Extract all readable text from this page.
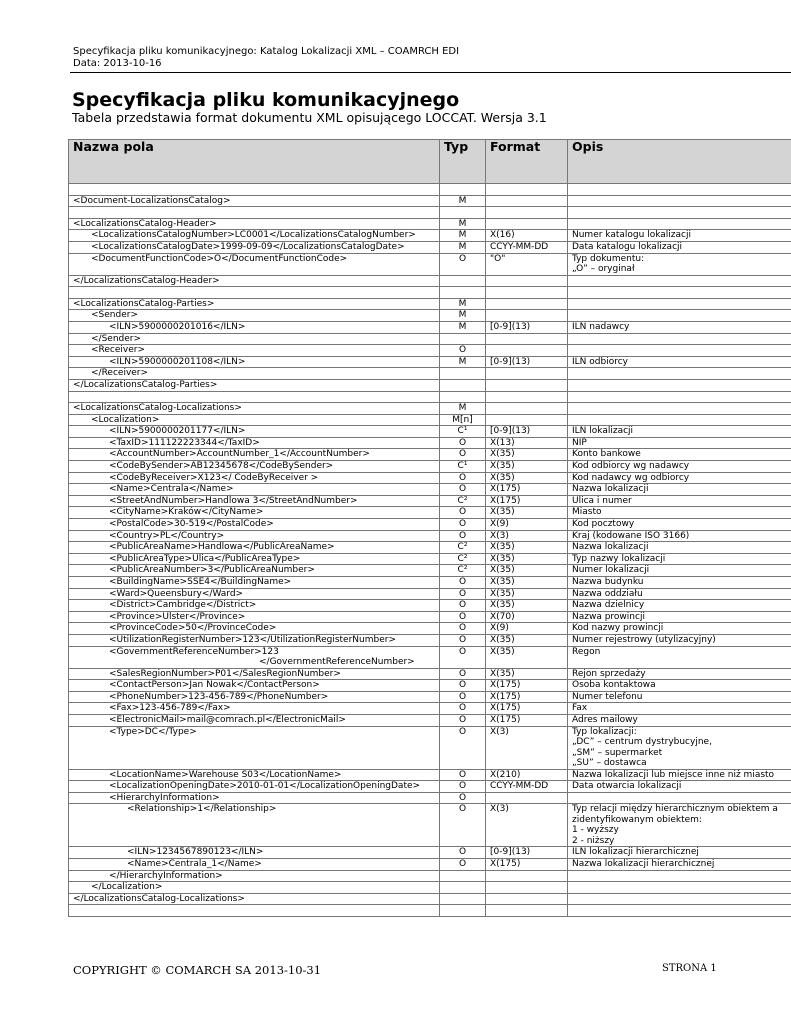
Specyfikacja pliku komunikacyjnego: Katalog Lokalizacji XML – COAMRCH EDI
Data: 2013-10-16
Specyfikacja pliku komunikacyjnego
Tabela przedstawia format dokumentu XML opisującego LOCCAT. Wersja 3.1
Nazwa pola	Typ	Format	Opis

<Document-LocalizationsCatalog>	M		

<LocalizationsCatalog-Header>	M		

<LocalizationsCatalogNumber>LC0001</LocalizationsCatalogNumber>	M	X(16)	Numer katalogu lokalizacji

<LocalizationsCatalogDate>1999-09-09</LocalizationsCatalogDate>	M	CCYY-MM-DD	Data katalogu lokalizacji

<DocumentFunctionCode>O</DocumentFunctionCode>	O	"O"	Typ dokumentu:
„O” – oryginał

</LocalizationsCatalog-Header>			

<LocalizationsCatalog-Parties>	M		

<Sender>	M		

<ILN>5900000201016</ILN>	M	[0-9](13)	ILN nadawcy

</Sender>			

<Receiver>	O		

<ILN>5900000201108</ILN>	M	[0-9](13)	ILN odbiorcy

</Receiver>			

</LocalizationsCatalog-Parties>			

<LocalizationsCatalog-Localizations>	M		

<Localization>	M[n]		

<ILN>5900000201177</ILN>	C¹	[0-9](13)	ILN lokalizacji

<TaxID>111122223344</TaxID>	O	X(13)	NIP

<AccountNumber>AccountNumber_1</AccountNumber>	O	X(35)	Konto bankowe

<CodeBySender>AB12345678</CodeBySender>	C¹	X(35)	Kod odbiorcy wg nadawcy

<CodeByReceiver>X123</ CodeByReceiver >	O	X(35)	Kod nadawcy wg odbiorcy

<Name>Centrala</Name>	O	X(175)	Nazwa lokalizacji

<StreetAndNumber>Handlowa 3</StreetAndNumber>	C²	X(175)	Ulica i numer

<CityName>Kraków</CityName>	O	X(35)	Miasto

<PostalCode>30-519</PostalCode>	O	X(9)	Kod pocztowy

<Country>PL</Country>	O	X(3)	Kraj (kodowane ISO 3166)

<PublicAreaName>Handlowa</PublicAreaName>	C²	X(35)	Nazwa lokalizacji

<PublicAreaType>Ulica</PublicAreaType>	C²	X(35)	Typ nazwy lokalizacji

<PublicAreaNumber>3</PublicAreaNumber>	C²	X(35)	Numer lokalizacji

<BuildingName>SSE4</BuildingName>	O	X(35)	Nazwa budynku

<Ward>Queensbury</Ward>	O	X(35)	Nazwa oddziału

<District>Cambridge</District>	O	X(35)	Nazwa dzielnicy

<Province>Ulster</Province>	O	X(70)	Nazwa prowincji

<ProvinceCode>50</ProvinceCode>	O	X(9)	Kod nazwy prowincji

<UtilizationRegisterNumber>123</UtilizationRegisterNumber>	O	X(35)	Numer rejestrowy (utylizacyjny)

<GovernmentReferenceNumber>123
</GovernmentReferenceNumber>	O	X(35)	Regon

<SalesRegionNumber>P01</SalesRegionNumber>	O	X(35)	Rejon sprzedaży

<ContactPerson>Jan Nowak</ContactPerson>	O	X(175)	Osoba kontaktowa

<PhoneNumber>123-456-789</PhoneNumber>	O	X(175)	Numer telefonu

<Fax>123-456-789</Fax>	O	X(175)	Fax

<ElectronicMail>mail@comrach.pl</ElectronicMail>	O	X(175)	Adres mailowy

<Type>DC</Type>	O	X(3)	Typ lokalizacji:
„DC” – centrum dystrybucyjne,
„SM” – supermarket
„SU” – dostawca

<LocationName>Warehouse S03</LocationName>	O	X(210)	Nazwa lokalizacji lub miejsce inne niż miasto

<LocalizationOpeningDate>2010-01-01</LocalizationOpeningDate>	O	CCYY-MM-DD	Data otwarcia lokalizacji

<HierarchyInformation>	O		

<Relationship>1</Relationship>	O	X(3)	Typ relacji między hierarchicznym obiektem a zidentyfikowanym obiektem:
1 - wyższy
2 - niższy

<ILN>1234567890123</ILN>	O	[0-9](13)	ILN lokalizacji hierarchicznej

<Name>Centrala_1</Name>	O	X(175)	Nazwa lokalizacji hierarchicznej

</HierarchyInformation>			

</Localization>			

</LocalizationsCatalog-Localizations>			

COPYRIGHT © COMARCH SA 2013-10-31	STRONA 1
